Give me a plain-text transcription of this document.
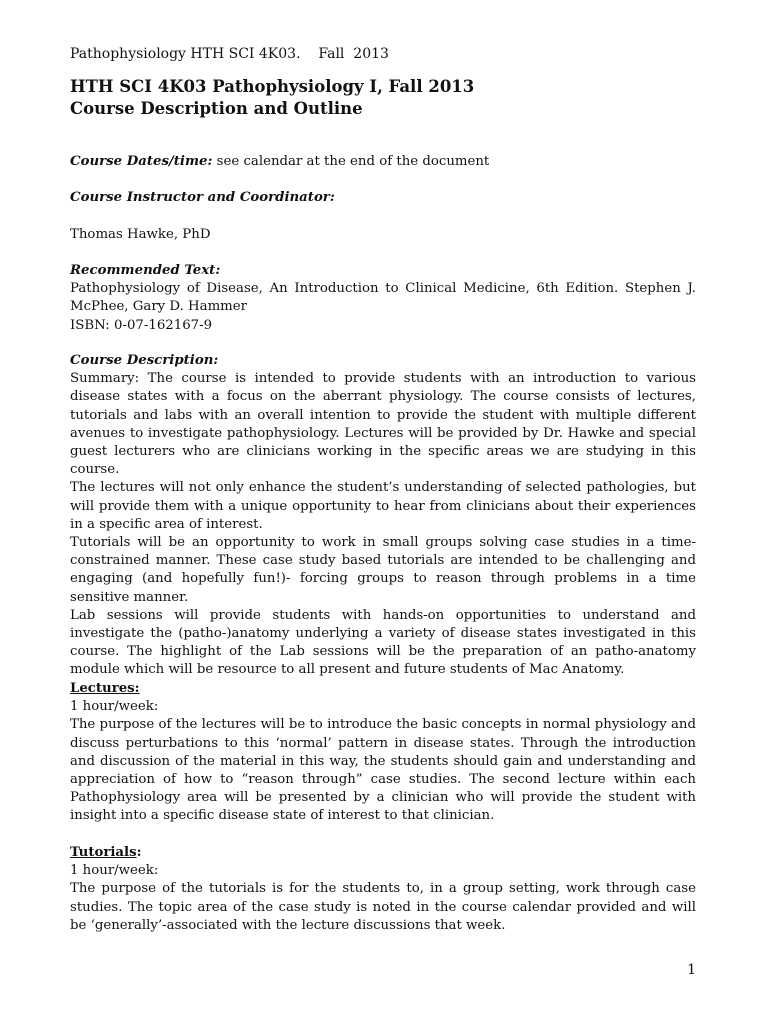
Pathophysiology HTH SCI 4K03.    Fall  2013
HTH SCI 4K03 Pathophysiology I, Fall 2013
Course Description and Outline

Course Dates/time: see calendar at the end of the document

Course Instructor and Coordinator:

Thomas Hawke, PhD

Recommended Text:

Pathophysiology of Disease, An Introduction to Clinical Medicine, 6th Edition. Stephen J. McPhee, Gary D. Hammer

ISBN: 0-07-162167-9

Course Description:

Summary: The course is intended to provide students with an introduction to various disease states with a focus on the aberrant physiology. The course consists of lectures, tutorials and labs with an overall intention to provide the student with multiple different avenues to investigate pathophysiology. Lectures will be provided by Dr. Hawke and special guest lecturers who are clinicians working in the specific areas we are studying in this course.

The lectures will not only enhance the student’s understanding of selected pathologies, but will provide them with a unique opportunity to hear from clinicians about their experiences in a specific area of interest.

Tutorials will be an opportunity to work in small groups solving case studies in a time-constrained manner. These case study based tutorials are intended to be challenging and engaging (and hopefully fun!)- forcing groups to reason through problems in a time sensitive manner.

Lab sessions will provide students with hands-on opportunities to understand and investigate the (patho-)anatomy underlying a variety of disease states investigated in this course. The highlight of the Lab sessions will be the preparation of an patho-anatomy module which will be resource to all present and future students of Mac Anatomy.

Lectures:

1 hour/week:

The purpose of the lectures will be to introduce the basic concepts in normal physiology and discuss perturbations to this ‘normal’ pattern in disease states. Through the introduction and discussion of the material in this way, the students should gain and understanding and appreciation of how to “reason through” case studies. The second lecture within each Pathophysiology area will be presented by a clinician who will provide the student with insight into a specific disease state of interest to that clinician.

Tutorials:

1 hour/week:

The purpose of the tutorials is for the students to, in a group setting, work through case studies. The topic area of the case study is noted in the course calendar provided and will be ‘generally’-associated with the lecture discussions that week.

1
